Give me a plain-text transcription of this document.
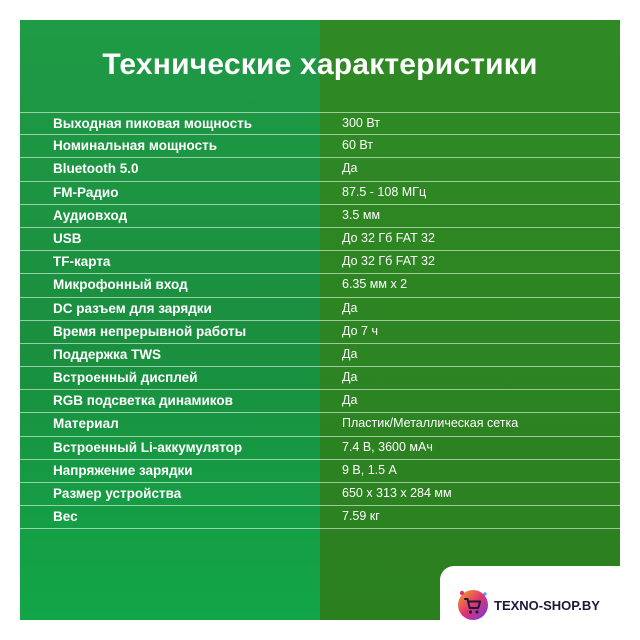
Технические характеристики
Выходная пиковая мощность	300 Вт
Номинальная мощность	60 Вт
Bluetooth 5.0	Да
FM-Радио	87.5 - 108 МГц
Аудиовход	3.5 мм
USB	До 32 Гб FAT 32
TF-карта	До 32 Гб FAT 32
Микрофонный вход	6.35 мм x 2
DC разъем для зарядки	Да
Время непрерывной работы	До 7 ч
Поддержка TWS	Да
Встроенный дисплей	Да
RGB подсветка динамиков	Да
Материал	Пластик/Металлическая сетка
Встроенный Li-аккумулятор	7.4 В, 3600 мАч
Напряжение зарядки	9 В, 1.5 А
Размер устройства	650 x 313 x 284 мм
Вес	7.59 кг
TEXNO-SHOP.BY
